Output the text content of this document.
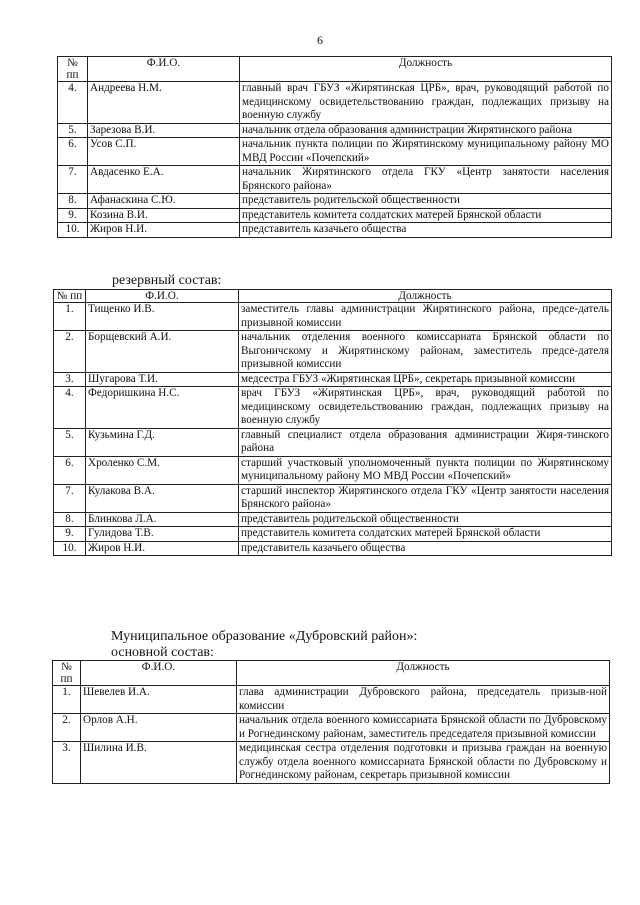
6
№ пп	Ф.И.О.	Должность
4.	Андреева Н.М.	главный врач ГБУЗ «Жирятинская ЦРБ», врач, руководящий работой по медицинскому освидетельствованию граждан, подлежащих призыву на военную службу
5.	Зарезова В.И.	начальник отдела образования администрации Жирятинского района
6.	Усов С.П.	начальник пункта полиции по Жирятинскому муниципальному району МО МВД России «Почепский»
7.	Авдасенко Е.А.	начальник Жирятинского отдела ГКУ «Центр занятости населения Брянского района»
8.	Афанаскина С.Ю.	представитель родительской общественности
9.	Козина В.И.	представитель комитета солдатских матерей Брянской области
10.	Жиров Н.И.	представитель казачьего общества
резервный состав:
№ пп	Ф.И.О.	Должность
1.	Тищенко И.В.	заместитель главы администрации Жирятинского района, предсе-датель призывной комиссии
2.	Борщевский А.И.	начальник отделения военного комиссариата Брянской области по Выгоничскому и Жирятинскому районам, заместитель предсе-дателя призывной комиссии
3.	Шугарова Т.И.	медсестра ГБУЗ «Жирятинская ЦРБ», секретарь призывной комиссии
4.	Федоришкина Н.С.	врач ГБУЗ «Жирятинская ЦРБ», врач, руководящий работой по медицинскому освидетельствованию граждан, подлежащих призыву на военную службу
5.	Кузьмина Г.Д.	главный специалист отдела образования администрации Жиря-тинского района
6.	Хроленко С.М.	старший участковый уполномоченный пункта полиции по Жирятинскому муниципальному району МО МВД России «Почепский»
7.	Кулакова В.А.	старший инспектор Жирятинского отдела ГКУ «Центр занятости населения Брянского района»
8.	Блинкова Л.А.	представитель родительской общественности
9.	Гулидова Т.В.	представитель комитета солдатских матерей Брянской области
10.	Жиров Н.И.	представитель казачьего общества
Муниципальное образование «Дубровский район»:
основной состав:
№ пп	Ф.И.О.	Должность
1.	Шевелев И.А.	глава администрации Дубровского района, председатель призыв-ной комиссии
2.	Орлов А.Н.	начальник отдела военного комиссариата Брянской области по Дубровскому и Рогнединскому районам, заместитель председателя призывной комиссии
3.	Шилина И.В.	медицинская сестра отделения подготовки и призыва граждан на военную службу отдела военного комиссариата Брянской области по Дубровскому и Рогнединскому районам, секретарь призывной комиссии
